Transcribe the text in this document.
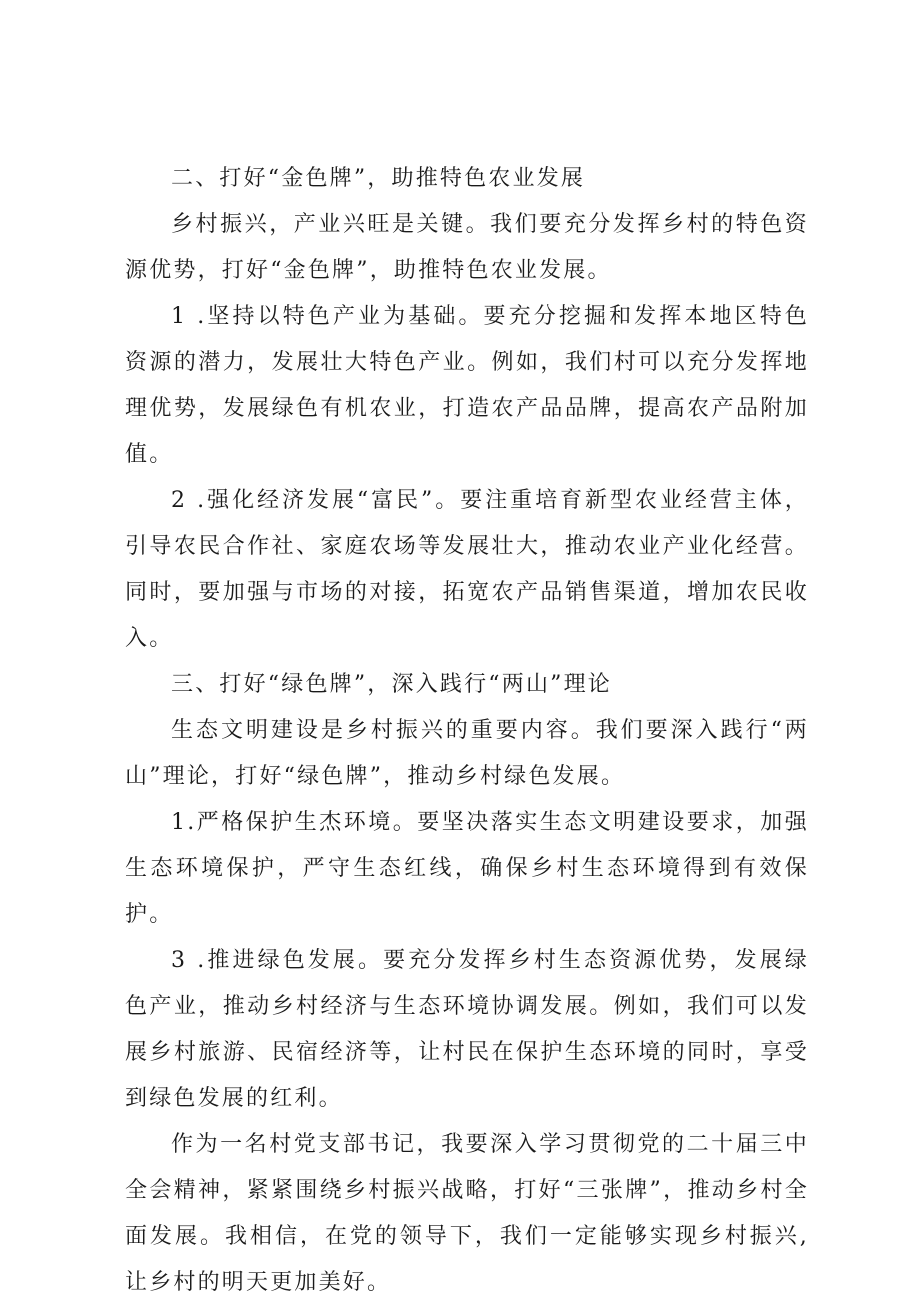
二、打好“金色牌”，助推特色农业发展

乡村振兴，产业兴旺是关键。我们要充分发挥乡村的特色资源优势，打好“金色牌”，助推特色农业发展。

1 .坚持以特色产业为基础。要充分挖掘和发挥本地区特色资源的潜力，发展壮大特色产业。例如，我们村可以充分发挥地理优势，发展绿色有机农业，打造农产品品牌，提高农产品附加值。

2 .强化经济发展“富民”。要注重培育新型农业经营主体，引导农民合作社、家庭农场等发展壮大，推动农业产业化经营。同时，要加强与市场的对接，拓宽农产品销售渠道，增加农民收入。

三、打好“绿色牌”，深入践行“两山”理论

生态文明建设是乡村振兴的重要内容。我们要深入践行“两山”理论，打好“绿色牌”，推动乡村绿色发展。

1.严格保护生杰环境。要坚决落实生态文明建设要求，加强生态环境保护，严守生态红线，确保乡村生态环境得到有效保护。

3 .推进绿色发展。要充分发挥乡村生态资源优势，发展绿色产业，推动乡村经济与生态环境协调发展。例如，我们可以发展乡村旅游、民宿经济等，让村民在保护生态环境的同时，享受到绿色发展的红利。

作为一名村党支部书记，我要深入学习贯彻党的二十届三中全会精神，紧紧围绕乡村振兴战略，打好“三张牌”，推动乡村全面发展。我相信，在党的领导下，我们一定能够实现乡村振兴,让乡村的明天更加美好。
